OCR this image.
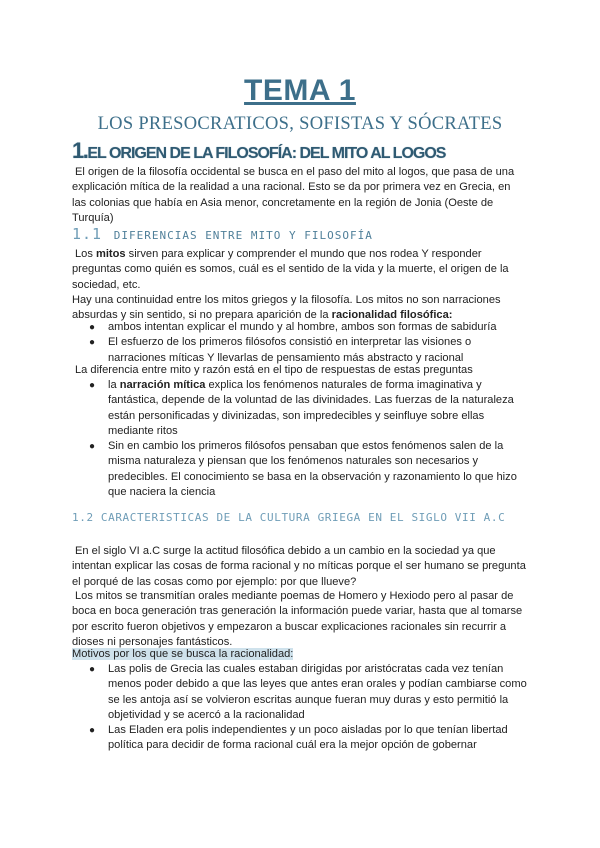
TEMA 1
LOS PRESOCRATICOS, SOFISTAS Y SÓCRATES
1.EL ORIGEN DE LA FILOSOFÍA: DEL MITO AL LOGOS
El origen de la filosofía occidental se busca en el paso del mito al logos, que pasa de una explicación mítica de la realidad a una racional. Esto se da por primera vez en Grecia, en las colonias que había en Asia menor, concretamente en la región de Jonia (Oeste de Turquía)
1.1 DIFERENCIAS ENTRE MITO Y FILOSOFÍA
Los mitos sirven para explicar y comprender el mundo que nos rodea Y responder preguntas como quién es somos, cuál es el sentido de la vida y la muerte, el origen de la sociedad, etc.
Hay una continuidad entre los mitos griegos y la filosofía. Los mitos no son narraciones absurdas y sin sentido, si no prepara aparición de la racionalidad filosófica:
● ambos intentan explicar el mundo y al hombre, ambos son formas de sabiduría
● El esfuerzo de los primeros filósofos consistió en interpretar las visiones o narraciones míticas Y llevarlas de pensamiento más abstracto y racional
La diferencia entre mito y razón está en el tipo de respuestas de estas preguntas
● la narración mítica explica los fenómenos naturales de forma imaginativa y fantástica, depende de la voluntad de las divinidades. Las fuerzas de la naturaleza están personificadas y divinizadas, son impredecibles y seinfluye sobre ellas mediante ritos
● Sin en cambio los primeros filósofos pensaban que estos fenómenos salen de la misma naturaleza y piensan que los fenómenos naturales son necesarios y predecibles. El conocimiento se basa en la observación y razonamiento lo que hizo que naciera la ciencia
1.2 CARACTERISTICAS DE LA CULTURA GRIEGA EN EL SIGLO VII A.C
En el siglo VI a.C surge la actitud filosófica debido a un cambio en la sociedad ya que intentan explicar las cosas de forma racional y no míticas porque el ser humano se pregunta el porqué de las cosas como por ejemplo: por que llueve?
Los mitos se transmitían orales mediante poemas de Homero y Hexiodo pero al pasar de boca en boca generación tras generación la información puede variar, hasta que al tomarse por escrito fueron objetivos y empezaron a buscar explicaciones racionales sin recurrir a dioses ni personajes fantásticos.
Motivos por los que se busca la racionalidad:
● Las polis de Grecia las cuales estaban dirigidas por aristócratas cada vez tenían menos poder debido a que las leyes que antes eran orales y podían cambiarse como se les antoja así se volvieron escritas aunque fueran muy duras y esto permitió la objetividad y se acercó a la racionalidad
● Las Eladen era polis independientes y un poco aisladas por lo que tenían libertad política para decidir de forma racional cuál era la mejor opción de gobernar
